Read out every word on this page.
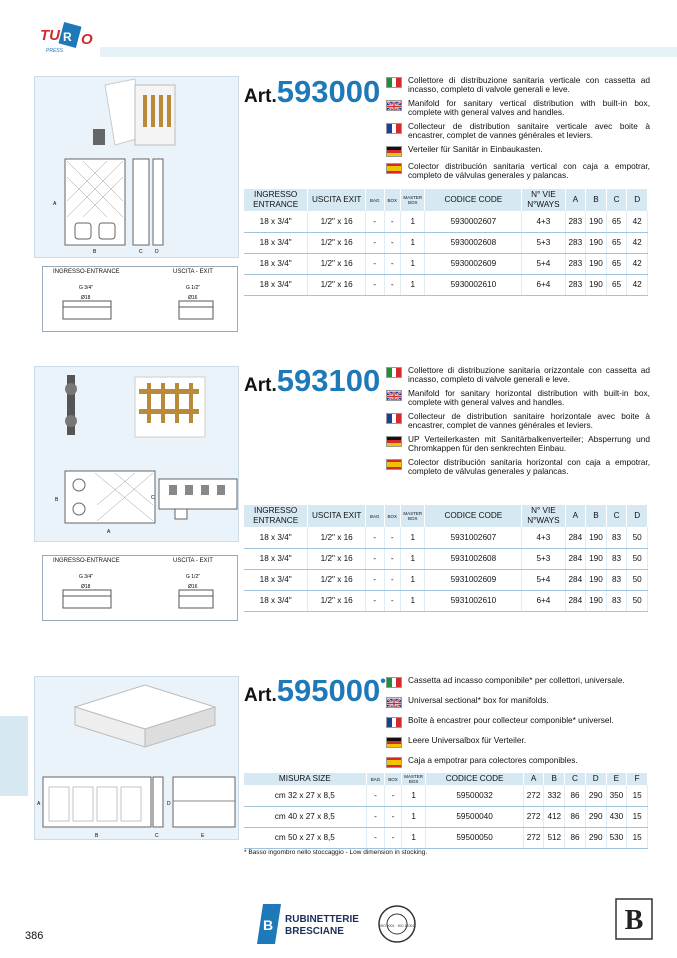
TU R O
PRESS
A
B	C D
INGRESSO-ENTRANCE	USCITA - EXIT
G 3/4"
Ø18
G 1/2"
Ø16
Art.593000	Collettore di distribuzione sanitaria verticale con cassetta ad incasso, completo di valvole generali e leve.
Manifold for sanitary vertical distribution with built-in box, complete with general valves and handles.
Collecteur de distribution sanitaire verticale avec boite à encastrer, complet de vannes générales et leviers.
Verteiler für Sanitär in Einbaukasten.
Colector distribución sanitaria vertical con caja a empotrar, completo de válvulas generales y palancas.
INGRESSO ENTRANCE	USCITA EXIT	BAG	BOX	MASTER BOX	CODICE CODE	N° VIE N°WAYS	A	B	C	D
18 x 3/4"	1/2" x 16	-	-	1	5930002607	4+3	283	190	65	42
18 x 3/4"	1/2" x 16	-	-	1	5930002608	5+3	283	190	65	42
18 x 3/4"	1/2" x 16	-	-	1	5930002609	5+4	283	190	65	42
18 x 3/4"	1/2" x 16	-	-	1	5930002610	6+4	283	190	65	42
B
A
C
INGRESSO-ENTRANCE	USCITA - EXIT
G 3/4"
Ø18
G 1/2"
Ø16
Art.593100	Collettore di distribuzione sanitaria orizzontale con cassetta ad incasso, completo di valvole generali e leve.
Manifold for sanitary horizontal distribution with built-in box, complete with general valves and handles.
Collecteur de distribution sanitaire horizontale avec boite à encastrer, complet de vannes générales et leviers.
UP Verteilerkasten mit Sanitärbalkenverteiler; Absperrung und Chromkappen für den senkrechten Einbau.
Colector distribución sanitaria horizontal con caja a empotrar, completo de válvulas generales y palancas.
INGRESSO ENTRANCE	USCITA EXIT	BAG	BOX	MASTER BOX	CODICE CODE	N° VIE N°WAYS	A	B	C	D
18 x 3/4"	1/2" x 16	-	-	1	5931002607	4+3	284	190	83	50
18 x 3/4"	1/2" x 16	-	-	1	5931002608	5+3	284	190	83	50
18 x 3/4"	1/2" x 16	-	-	1	5931002609	5+4	284	190	83	50
18 x 3/4"	1/2" x 16	-	-	1	5931002610	6+4	284	190	83	50
A
B	C
D
E
Art.595000•	Cassetta ad incasso componibile* per collettori, universale.
Universal sectional* box for manifolds.
Boîte à encastrer pour collecteur componible* universel.
Leere Universalbox für Verteiler.
Caja a empotrar para colectores componibles.
MISURA SIZE	BAG	BOX	MASTER BOX	CODICE CODE	A	B	C	D	E	F
cm 32 x 27 x 8,5	-	-	1	59500032	272	332	86	290	350	15
cm 40 x 27 x 8,5	-	-	1	59500040	272	412	86	290	430	15
cm 50 x 27 x 8,5	-	-	1	59500050	272	512	86	290	530	15
* Basso ingombro nello stoccaggio - Low dimension in stocking.
386
B RUBINETTERIE
BRESCIANE	ISO 9001 · ISO 14001	B
